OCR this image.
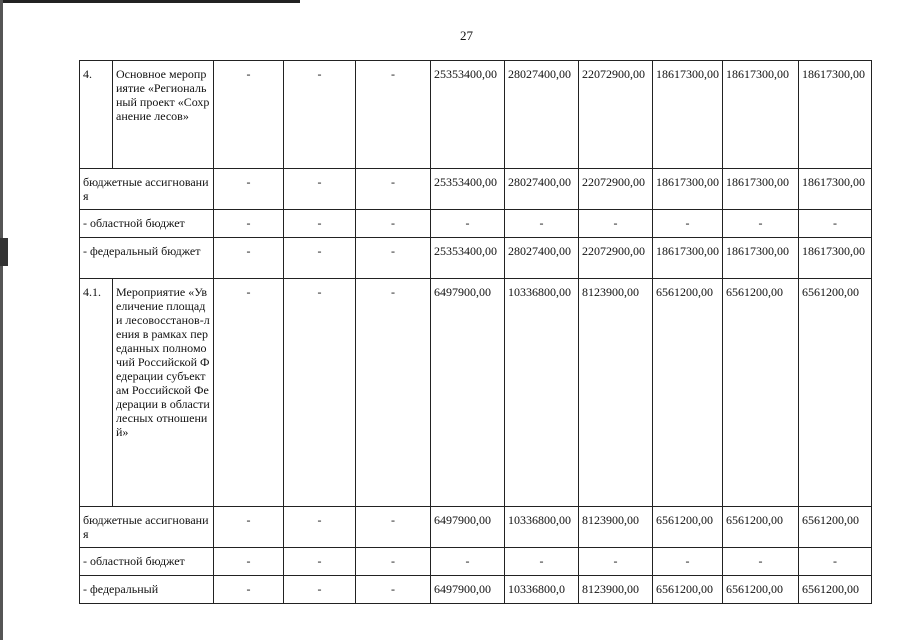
27
4.	Основное мероприятие «Региональный проект «Сохранение лесов»	-	-	-	25353400,00	28027400,00	22072900,00	18617300,00	18617300,00	18617300,00
бюджетные ассигнования		-	-	-	25353400,00	28027400,00	22072900,00	18617300,00	18617300,00	18617300,00
- областной бюджет		-	-	-	-	-	-	-	-	-
- федеральный бюджет		-	-	-	25353400,00	28027400,00	22072900,00	18617300,00	18617300,00	18617300,00
4.1.	Мероприятие «Увеличение площади лесовосстанов-ления в рамках переданных полномочий Российской Федерации субъектам Российской Федерации в области лесных отношений»	-	-	-	6497900,00	10336800,00	8123900,00	6561200,00	6561200,00	6561200,00
бюджетные ассигнования		-	-	-	6497900,00	10336800,00	8123900,00	6561200,00	6561200,00	6561200,00
- областной бюджет		-	-	-	-	-	-	-	-	-
- федеральный		-	-	-	6497900,00	10336800,0	8123900,00	6561200,00	6561200,00	6561200,00
